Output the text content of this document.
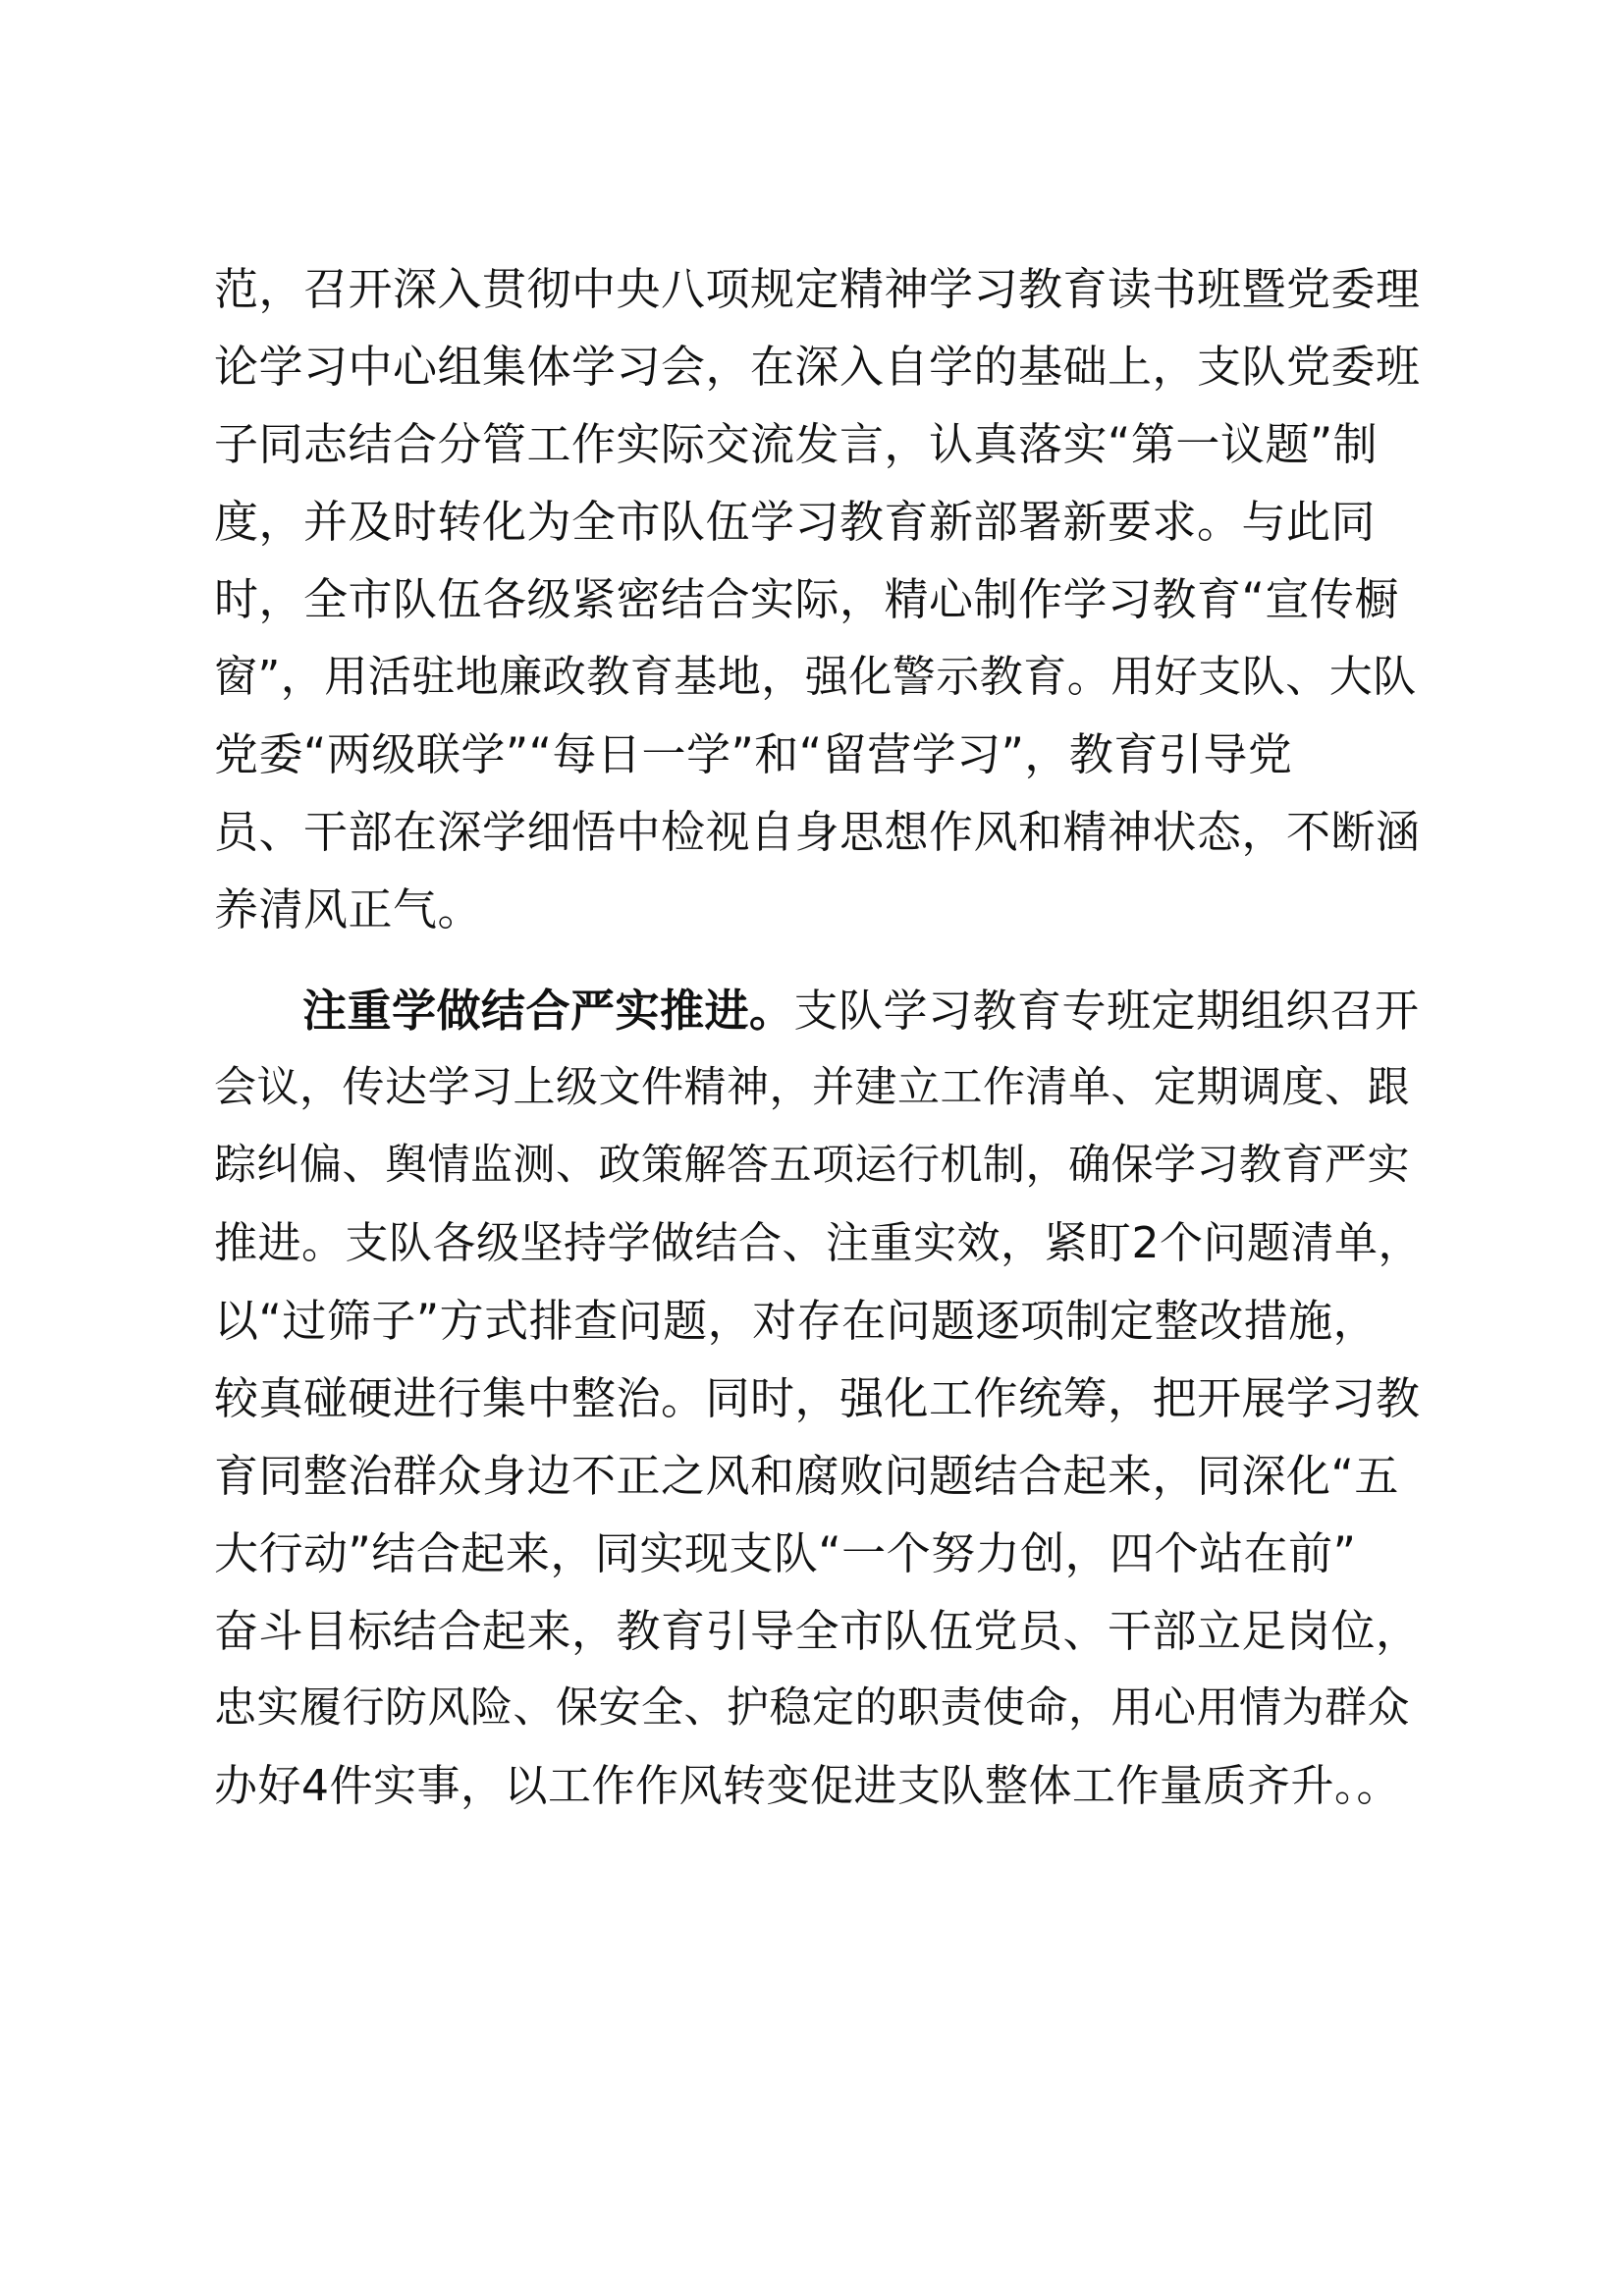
范，召开深入贯彻中央八项规定精神学习教育读书班暨党委理
论学习中心组集体学习会，在深入自学的基础上，支队党委班
子同志结合分管工作实际交流发言，认真落实“第一议题”制
度，并及时转化为全市队伍学习教育新部署新要求。与此同
时，全市队伍各级紧密结合实际，精心制作学习教育“宣传橱
窗”，用活驻地廉政教育基地，强化警示教育。用好支队、大队
党委“两级联学”“每日一学”和“留营学习”，教育引导党
员、干部在深学细悟中检视自身思想作风和精神状态，不断涵
养清风正气。
注重学做结合严实推进。支队学习教育专班定期组织召开
会议，传达学习上级文件精神，并建立工作清单、定期调度、跟
踪纠偏、舆情监测、政策解答五项运行机制，确保学习教育严实
推进。支队各级坚持学做结合、注重实效，紧盯2个问题清单，
以“过筛子”方式排查问题，对存在问题逐项制定整改措施，
较真碰硬进行集中整治。同时，强化工作统筹，把开展学习教
育同整治群众身边不正之风和腐败问题结合起来，同深化“五
大行动”结合起来，同实现支队“一个努力创，四个站在前”
奋斗目标结合起来，教育引导全市队伍党员、干部立足岗位，
忠实履行防风险、保安全、护稳定的职责使命，用心用情为群众
办好4件实事，以工作作风转变促进支队整体工作量质齐升。。
